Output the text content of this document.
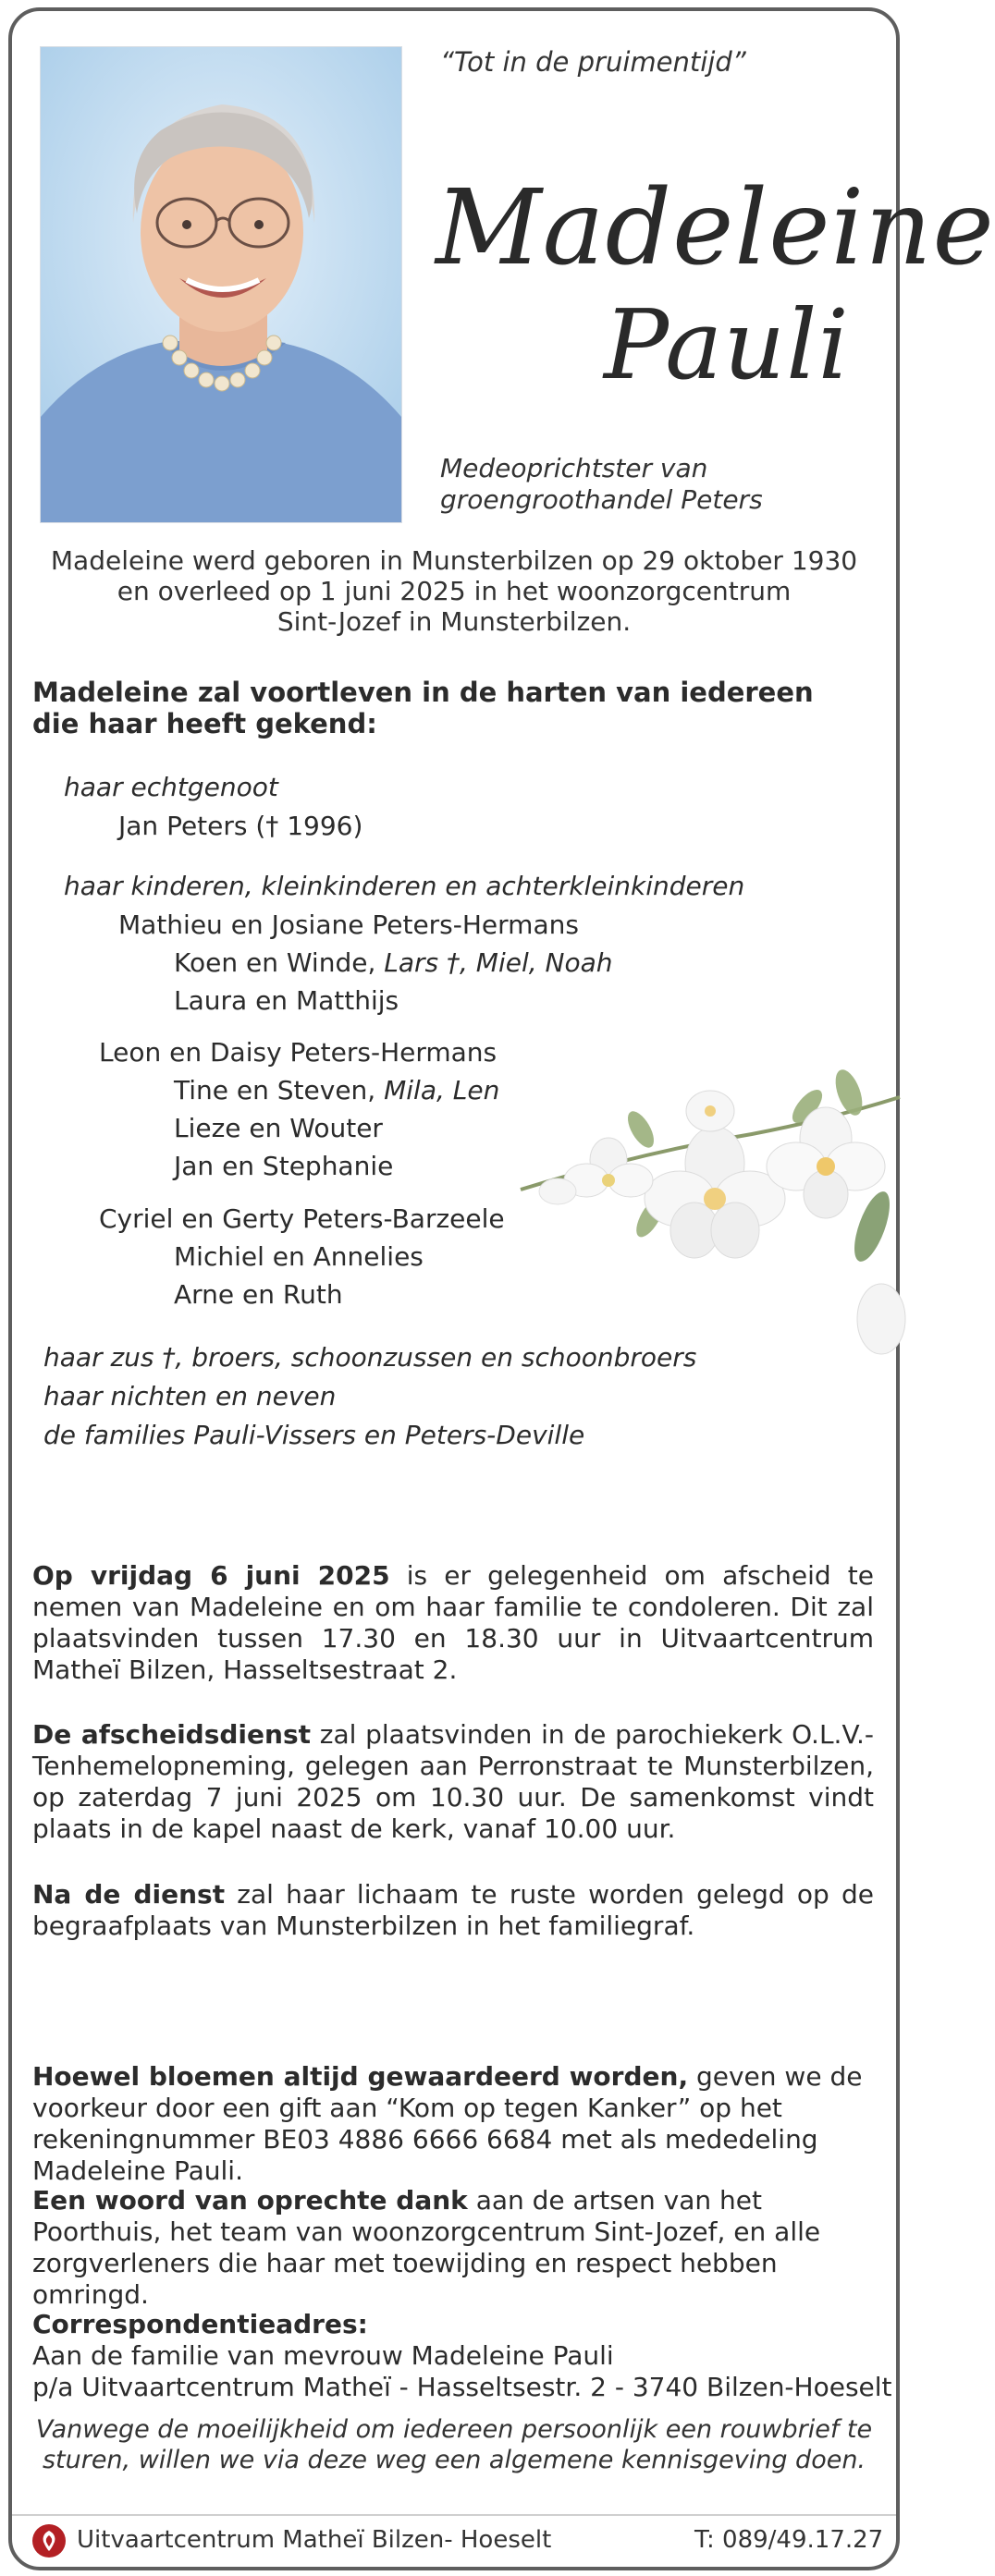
“Tot in de pruimentijd”
Madeleine
Pauli
Medeoprichtster van
groengroothandel Peters
Madeleine werd geboren in Munsterbilzen op 29 oktober 1930
en overleed op 1 juni 2025 in het woonzorgcentrum
Sint-Jozef in Munsterbilzen.
Madeleine zal voortleven in de harten van iedereen
die haar heeft gekend:
haar echtgenoot
Jan Peters († 1996)
haar kinderen, kleinkinderen en achterkleinkinderen
Mathieu en Josiane Peters-Hermans
Koen en Winde, Lars †, Miel, Noah
Laura en Matthijs
Leon en Daisy Peters-Hermans
Tine en Steven, Mila, Len
Lieze en Wouter
Jan en Stephanie
Cyriel en Gerty Peters-Barzeele
Michiel en Annelies
Arne en Ruth
haar zus †, broers, schoonzussen en schoonbroers
haar nichten en neven
de families Pauli-Vissers en Peters-Deville
Op vrijdag 6 juni 2025 is er gelegenheid om afscheid te nemen van Madeleine en om haar familie te condoleren. Dit zal plaatsvinden tussen 17.30 en 18.30 uur in Uitvaartcentrum Matheï Bilzen, Hasseltsestraat 2.
De afscheidsdienst zal plaatsvinden in de parochiekerk O.L.V.-Tenhemelopneming, gelegen aan Perronstraat te Munsterbilzen, op zaterdag 7 juni 2025 om 10.30 uur. De samenkomst vindt plaats in de kapel naast de kerk, vanaf 10.00 uur.
Na de dienst zal haar lichaam te ruste worden gelegd op de begraafplaats van Munsterbilzen in het familiegraf.
Hoewel bloemen altijd gewaardeerd worden, geven we de voorkeur door een gift aan “Kom op tegen Kanker” op het rekeningnummer BE03 4886 6666 6684 met als mededeling Madeleine Pauli.
Een woord van oprechte dank aan de artsen van het Poorthuis, het team van woonzorgcentrum Sint-Jozef, en alle zorgverleners die haar met toewijding en respect hebben omringd.
Correspondentieadres:
Aan de familie van mevrouw Madeleine Pauli
p/a Uitvaartcentrum Matheï - Hasseltsestr. 2 - 3740 Bilzen-Hoeselt
Vanwege de moeilijkheid om iedereen persoonlijk een rouwbrief te
sturen, willen we via deze weg een algemene kennisgeving doen.
Uitvaartcentrum Matheï Bilzen- Hoeselt	T: 089/49.17.27
